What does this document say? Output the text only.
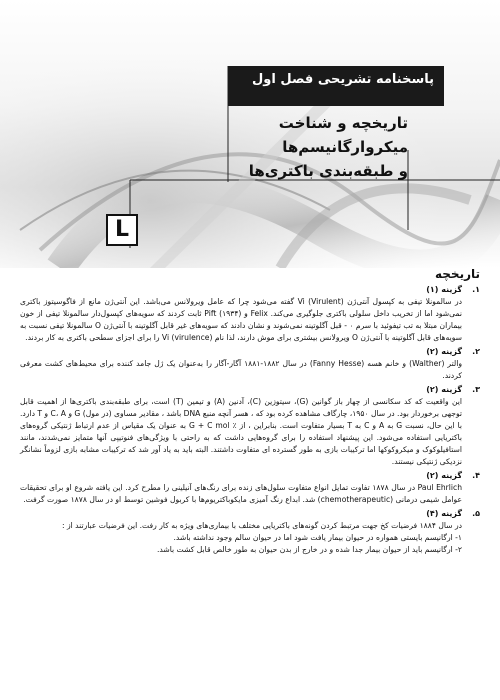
پاسخنامه تشریحی فصل اول
تاریخچه و شناخت میکروارگانیسم‌ها
و طبقه‌بندی باکتری‌ها
L
تاریخچه
۱.
گزینه (۱)

در سالمونلا تیفی به کپسول آنتی‌ژن Vi (Virulent) گفته می‌شود چرا که عامل ویرولانس می‌باشد. این آنتی‌ژن مانع از فاگوسیتوز باکتری نمی‌شود اما از تخریب داخل سلولی باکتری جلوگیری می‌کند. Felix و (۱۹۳۴) Pift ثابت کردند که سویه‌های کپسول‌دار سالمونلا تیفی از خون بیماران مبتلا به تب تیفوئید با سرم ۰ - قبل آگلوتینه نمی‌شوند و نشان دادند که سویه‌های غیر قابل آگلوتینه با آنتی‌ژن O سالمونلا تیفی نسبت به سویه‌های قابل آگلوتینه با آنتی‌ژن O ویرولانس بیشتری برای موش دارند، لذا نام (virulence) Vi را برای اجزای سطحی باکتری به کار بردند.

۲.
گزینه (۲)

والتر (Walther) و خانم هسه (Fanny Hesse) در سال ۱۸۸۲-۱۸۸۱ آگار-آگار را به‌عنوان یک ژل جامد کننده برای محیط‌های کشت معرفی کردند.

۳.
گزینه (۲)

این واقعیت که کد سکانسی از چهار باز گوانین (G)، سیتوزین (C)، آدنین (A) و تیمین (T) است، برای طبقه‌بندی باکتری‌ها از اهمیت قابل توجهی برخوردار بود. در سال ۱۹۵۰، چارگاف مشاهده کرده بود که ، هسر آنچه منبع DNA باشد ، مقادیر مساوی (در مول) G و C، A و T دارد. با این حال، نسبت G به A و C به T بسیار متفاوت است. بنابراین ، از ٪ G + C mol به عنوان یک مقیاس از عدم ارتباط ژنتیکی گروه‌های باکتریایی استفاده می‌شود. این پیشنهاد استفاده را برای گروه‌هایی داشت که به راحتی با ویژگی‌های فنوتیپی آنها متمایز نمی‌شدند، مانند استافیلوکوک و میکروکوکها اما ترکیبات بازی به طور گسترده ای متفاوت داشتند. البته باید به یاد آور شد که ترکیبات مشابه بازی لزوماً نشانگر نزدیکی ژنتیکی نیستند.

۴.
گزینه (۲)

Paul Ehrlich در سال ۱۸۷۸ تفاوت تمایل انواع متفاوت سلول‌های زنده برای رنگ‌های آنیلینی را مطرح کرد. این یافته شروع او برای تحقیقات عوامل شیمی درمانی (chemotherapeutic) شد. ابداع رنگ آمیزی مایکوباکتریوم‌ها با کربول فوشین توسط او در سال ۱۸۷۸ صورت گرفت.

۵.
گزینه (۴)

در سال ۱۸۸۴ فرضیات کخ جهت مرتبط کردن گونه‌های باکتریایی مختلف با بیماری‌های ویژه به کار رفت. این فرضیات عبارتند از :

۱- ارگانیسم بایستی همواره در حیوان بیمار یافت شود اما در حیوان سالم وجود نداشته باشد.

۲- ارگانیسم باید از حیوان بیمار جدا شده و در خارج از بدن حیوان به طور خالص قابل کشت باشد.
